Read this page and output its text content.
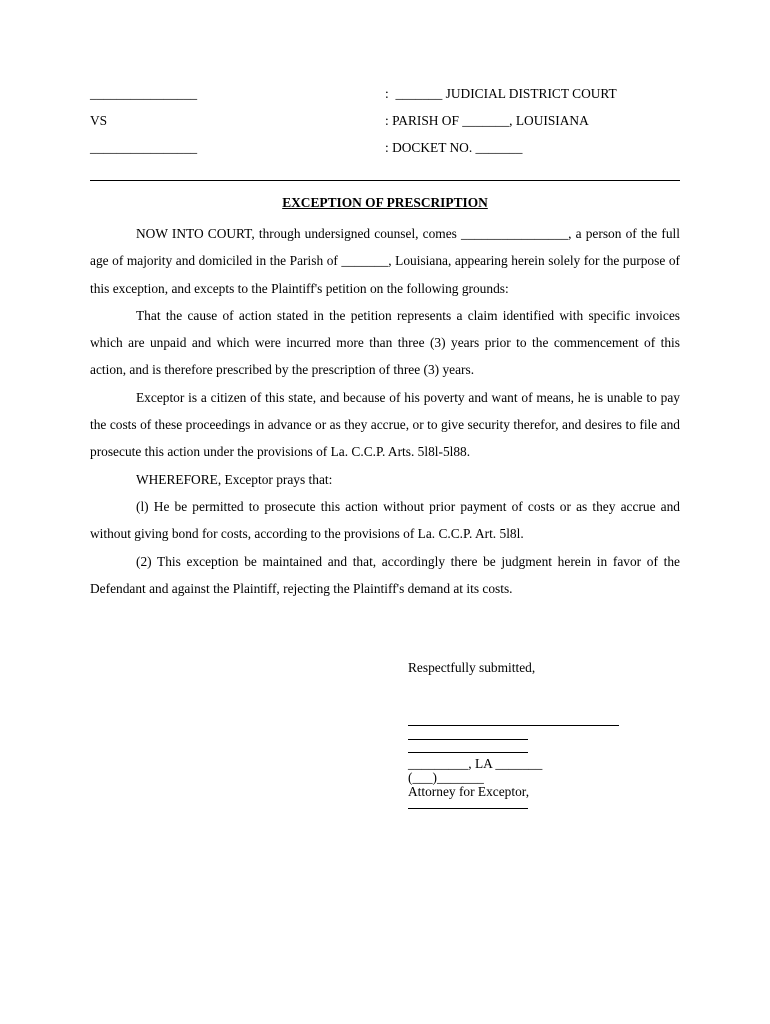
________________	: _______ JUDICIAL DISTRICT COURT
VS	: PARISH OF _______, LOUISIANA
________________	: DOCKET NO. _______
EXCEPTION OF PRESCRIPTION

NOW INTO COURT, through undersigned counsel, comes ________________, a person of the full age of majority and domiciled in the Parish of _______, Louisiana, appearing herein solely for the purpose of this exception, and excepts to the Plaintiff's petition on the following grounds:

That the cause of action stated in the petition represents a claim identified with specific invoices which are unpaid and which were incurred more than three (3) years prior to the commencement of this action, and is therefore prescribed by the prescription of three (3) years.

Exceptor is a citizen of this state, and because of his poverty and want of means, he is unable to pay the costs of these proceedings in advance or as they accrue, or to give security therefor, and desires to file and prosecute this action under the provisions of La. C.C.P. Arts. 5l8l-5l88.

WHEREFORE, Exceptor prays that:

(l) He be permitted to prosecute this action without prior payment of costs or as they accrue and without giving bond for costs, according to the provisions of La. C.C.P. Art. 5l8l.

(2) This exception be maintained and that, accordingly there be judgment herein in favor of the Defendant and against the Plaintiff, rejecting the Plaintiff's demand at its costs.

Respectfully submitted,
_________, LA _______
(___)_______
Attorney for Exceptor,
